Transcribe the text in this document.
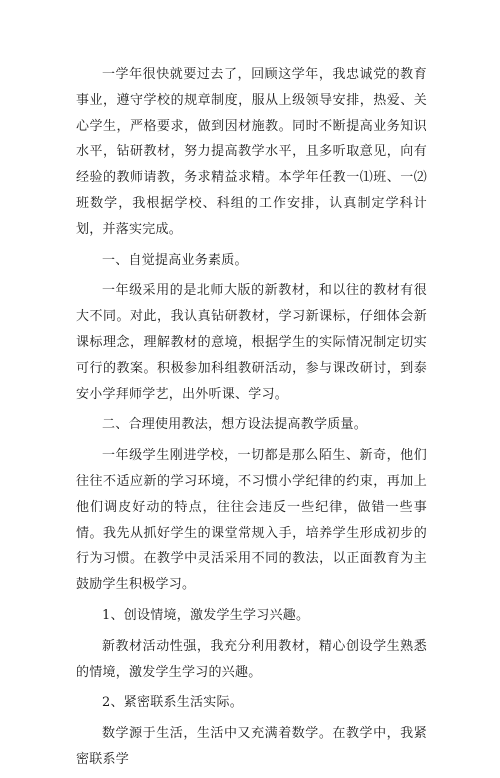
一学年很快就要过去了，回顾这学年，我忠诚党的教育事业，遵守学校的规章制度，服从上级领导安排，热爱、关心学生，严格要求，做到因材施教。同时不断提高业务知识水平，钻研教材，努力提高教学水平，且多听取意见，向有经验的教师请教，务求精益求精。本学年任教一⑴班、一⑵班数学，我根据学校、科组的工作安排，认真制定学科计划，并落实完成。

一、自觉提高业务素质。

一年级采用的是北师大版的新教材，和以往的教材有很大不同。对此，我认真钻研教材，学习新课标，仔细体会新课标理念，理解教材的意境，根据学生的实际情况制定切实可行的教案。积极参加科组教研活动，参与课改研讨，到泰安小学拜师学艺，出外听课、学习。

二、合理使用教法，想方设法提高教学质量。

一年级学生刚进学校，一切都是那么陌生、新奇，他们往往不适应新的学习环境，不习惯小学纪律的约束，再加上他们调皮好动的特点，往往会违反一些纪律，做错一些事情。我先从抓好学生的课堂常规入手，培养学生形成初步的行为习惯。在教学中灵活采用不同的教法，以正面教育为主鼓励学生积极学习。

1、创设情境，激发学生学习兴趣。

新教材活动性强，我充分利用教材，精心创设学生熟悉的情境，激发学生学习的兴趣。

2、紧密联系生活实际。

数学源于生活，生活中又充满着数学。在教学中，我紧密联系学
